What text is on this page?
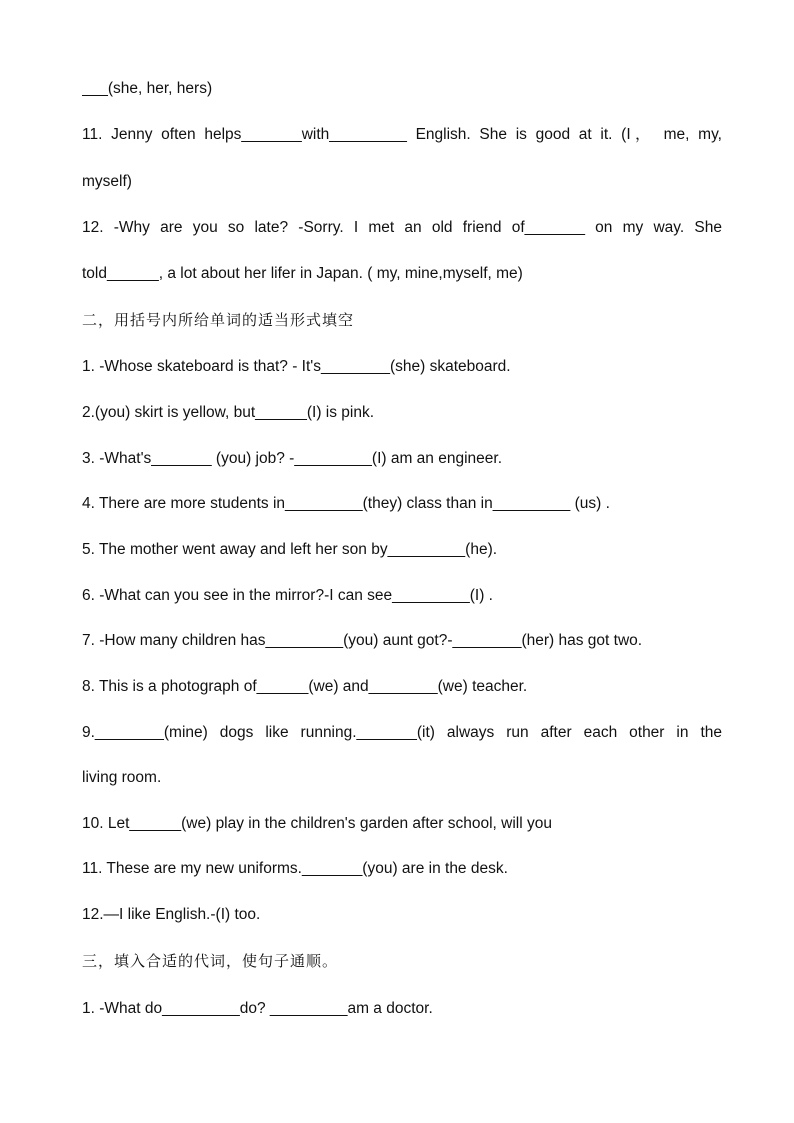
___(she, her, hers)
11. Jenny often helps_______with_________ English. She is good at it. (I， me, my,
myself)
12. -Why are you so late? -Sorry. I met an old friend of_______ on my way. She
told______, a lot about her lifer in Japan. ( my, mine,myself, me)
二，用括号内所给单词的适当形式填空
1. -Whose skateboard is that? - It's________(she) skateboard.
2.(you) skirt is yellow, but______(I) is pink.
3. -What's_______ (you) job? -_________(I) am an engineer.
4. There are more students in_________(they) class than in_________ (us) .
5. The mother went away and left her son by_________(he).
6. -What can you see in the mirror?-I can see_________(I) .
7. -How many children has_________(you) aunt got?-________(her) has got two.
8. This is a photograph of______(we) and________(we) teacher.
9.________(mine) dogs like running._______(it) always run after each other in the
living room.
10. Let______(we) play in the children's garden after school, will you
11. These are my new uniforms._______(you) are in the desk.
12.—I like English.-(I) too.
三，填入合适的代词，使句子通顺。
1. -What do_________do? _________am a doctor.
